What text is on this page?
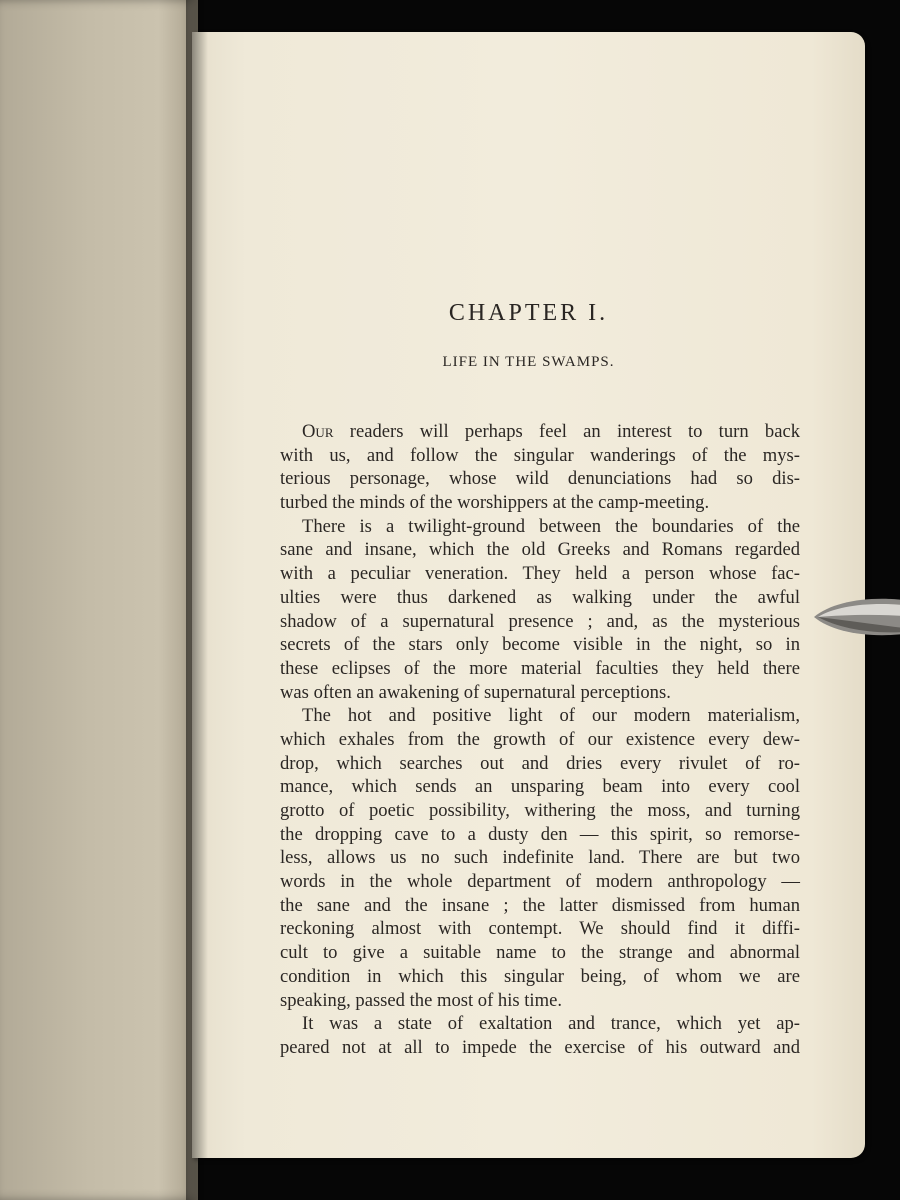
CHAPTER I.
LIFE IN THE SWAMPS.
Our readers will perhaps feel an interest to turn back
with us, and follow the singular wanderings of the mys-
terious personage, whose wild denunciations had so dis-
turbed the minds of the worshippers at the camp-meeting.
There is a twilight-ground between the boundaries of the
sane and insane, which the old Greeks and Romans regarded
with a peculiar veneration. They held a person whose fac-
ulties were thus darkened as walking under the awful
shadow of a supernatural presence ; and, as the mysterious
secrets of the stars only become visible in the night, so in
these eclipses of the more material faculties they held there
was often an awakening of supernatural perceptions.
The hot and positive light of our modern materialism,
which exhales from the growth of our existence every dew-
drop, which searches out and dries every rivulet of ro-
mance, which sends an unsparing beam into every cool
grotto of poetic possibility, withering the moss, and turning
the dropping cave to a dusty den — this spirit, so remorse-
less, allows us no such indefinite land. There are but two
words in the whole department of modern anthropology —
the sane and the insane ; the latter dismissed from human
reckoning almost with contempt. We should find it diffi-
cult to give a suitable name to the strange and abnormal
condition in which this singular being, of whom we are
speaking, passed the most of his time.
It was a state of exaltation and trance, which yet ap-
peared not at all to impede the exercise of his outward and
